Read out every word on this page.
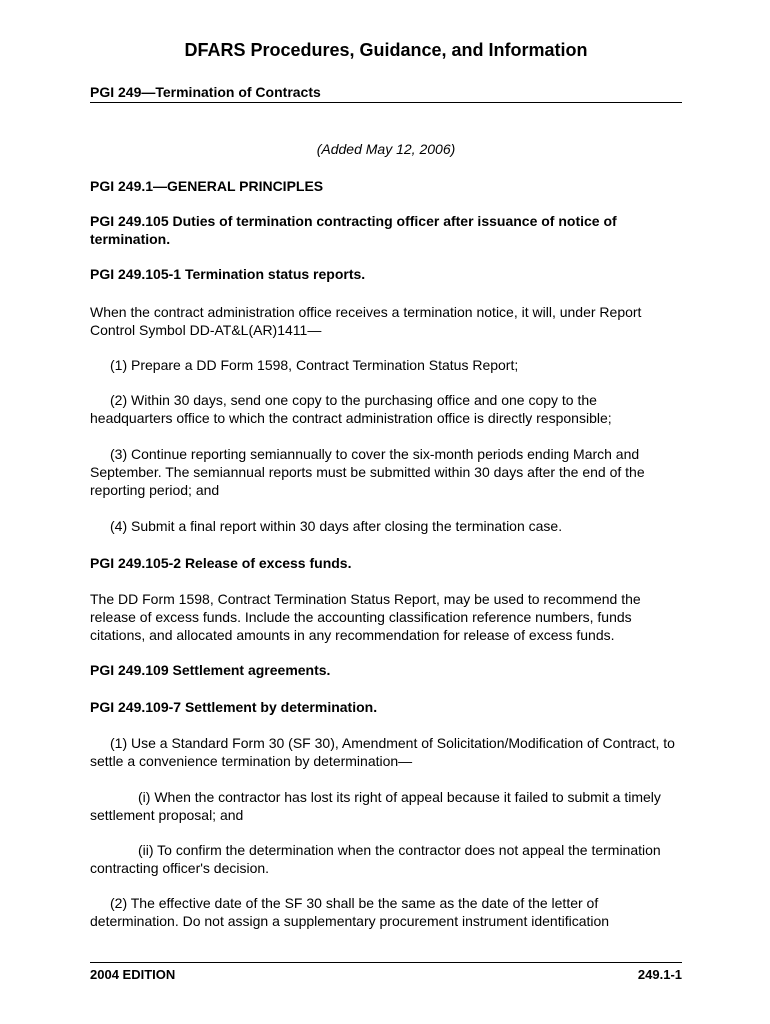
DFARS Procedures, Guidance, and Information
PGI 249—Termination of Contracts
(Added May 12, 2006)
PGI 249.1—GENERAL PRINCIPLES
PGI 249.105 Duties of termination contracting officer after issuance of notice of termination.
PGI 249.105-1 Termination status reports.
When the contract administration office receives a termination notice, it will, under Report Control Symbol DD-AT&L(AR)1411—
(1) Prepare a DD Form 1598, Contract Termination Status Report;
(2) Within 30 days, send one copy to the purchasing office and one copy to the headquarters office to which the contract administration office is directly responsible;
(3) Continue reporting semiannually to cover the six-month periods ending March and September. The semiannual reports must be submitted within 30 days after the end of the reporting period; and
(4) Submit a final report within 30 days after closing the termination case.
PGI 249.105-2 Release of excess funds.
The DD Form 1598, Contract Termination Status Report, may be used to recommend the release of excess funds. Include the accounting classification reference numbers, funds citations, and allocated amounts in any recommendation for release of excess funds.
PGI 249.109 Settlement agreements.
PGI 249.109-7 Settlement by determination.
(1) Use a Standard Form 30 (SF 30), Amendment of Solicitation/Modification of Contract, to settle a convenience termination by determination—
(i) When the contractor has lost its right of appeal because it failed to submit a timely settlement proposal; and
(ii) To confirm the determination when the contractor does not appeal the termination contracting officer's decision.
(2) The effective date of the SF 30 shall be the same as the date of the letter of determination. Do not assign a supplementary procurement instrument identification
2004 EDITION	249.1-1
